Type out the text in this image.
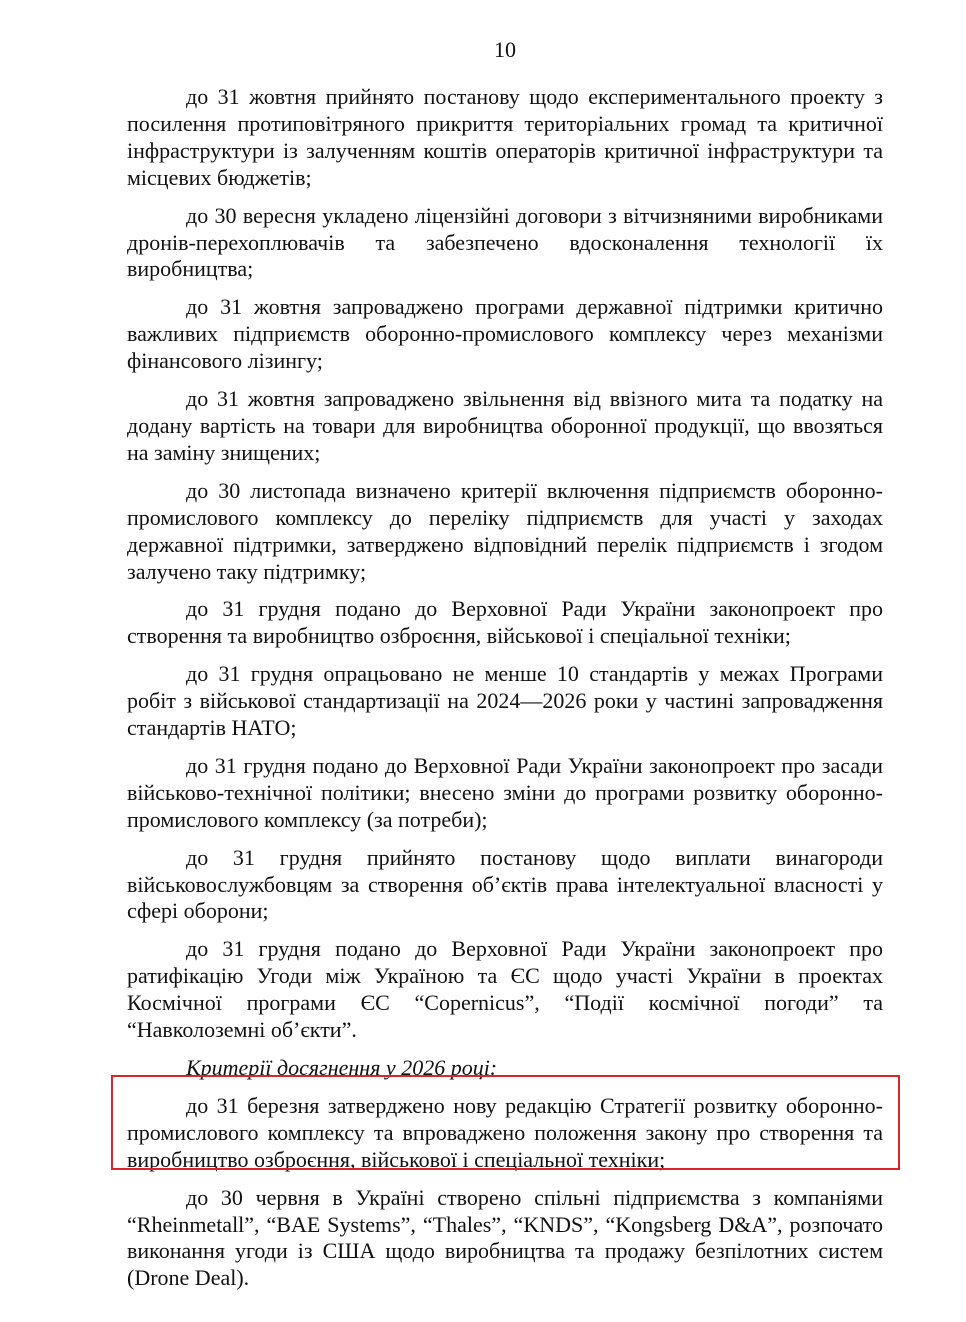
10

до 31 жовтня прийнято постанову щодо експериментального проекту з посилення протиповітряного прикриття територіальних громад та критичної інфраструктури із залученням коштів операторів критичної інфраструктури та місцевих бюджетів;

до 30 вересня укладено ліцензійні договори з вітчизняними виробниками дронів-перехоплювачів та забезпечено вдосконалення технології їх виробництва;

до 31 жовтня запроваджено програми державної підтримки критично важливих підприємств оборонно-промислового комплексу через механізми фінансового лізингу;

до 31 жовтня запроваджено звільнення від ввізного мита та податку на додану вартість на товари для виробництва оборонної продукції, що ввозяться на заміну знищених;

до 30 листопада визначено критерії включення підприємств оборонно-промислового комплексу до переліку підприємств для участі у заходах державної підтримки, затверджено відповідний перелік підприємств і згодом залучено таку підтримку;

до 31 грудня подано до Верховної Ради України законопроект про створення та виробництво озброєння, військової і спеціальної техніки;

до 31 грудня опрацьовано не менше 10 стандартів у межах Програми робіт з військової стандартизації на 2024—2026 роки у частині запровадження стандартів НАТО;

до 31 грудня подано до Верховної Ради України законопроект про засади військово-технічної політики; внесено зміни до програми розвитку оборонно-промислового комплексу (за потреби);

до 31 грудня прийнято постанову щодо виплати винагороди військовослужбовцям за створення об’єктів права інтелектуальної власності у сфері оборони;

до 31 грудня подано до Верховної Ради України законопроект про ратифікацію Угоди між Україною та ЄС щодо участі України в проектах Космічної програми ЄС “Copernicus”, “Події космічної погоди” та “Навколоземні об’єкти”.

Критерії досягнення у 2026 році:

до 31 березня затверджено нову редакцію Стратегії розвитку оборонно-промислового комплексу та впроваджено положення закону про створення та виробництво озброєння, військової і спеціальної техніки;

до 30 червня в Україні створено спільні підприємства з компаніями “Rheinmetall”, “BAE Systems”, “Thales”, “KNDS”, “Kongsberg D&A”, розпочато виконання угоди із США щодо виробництва та продажу безпілотних систем (Drone Deal).
